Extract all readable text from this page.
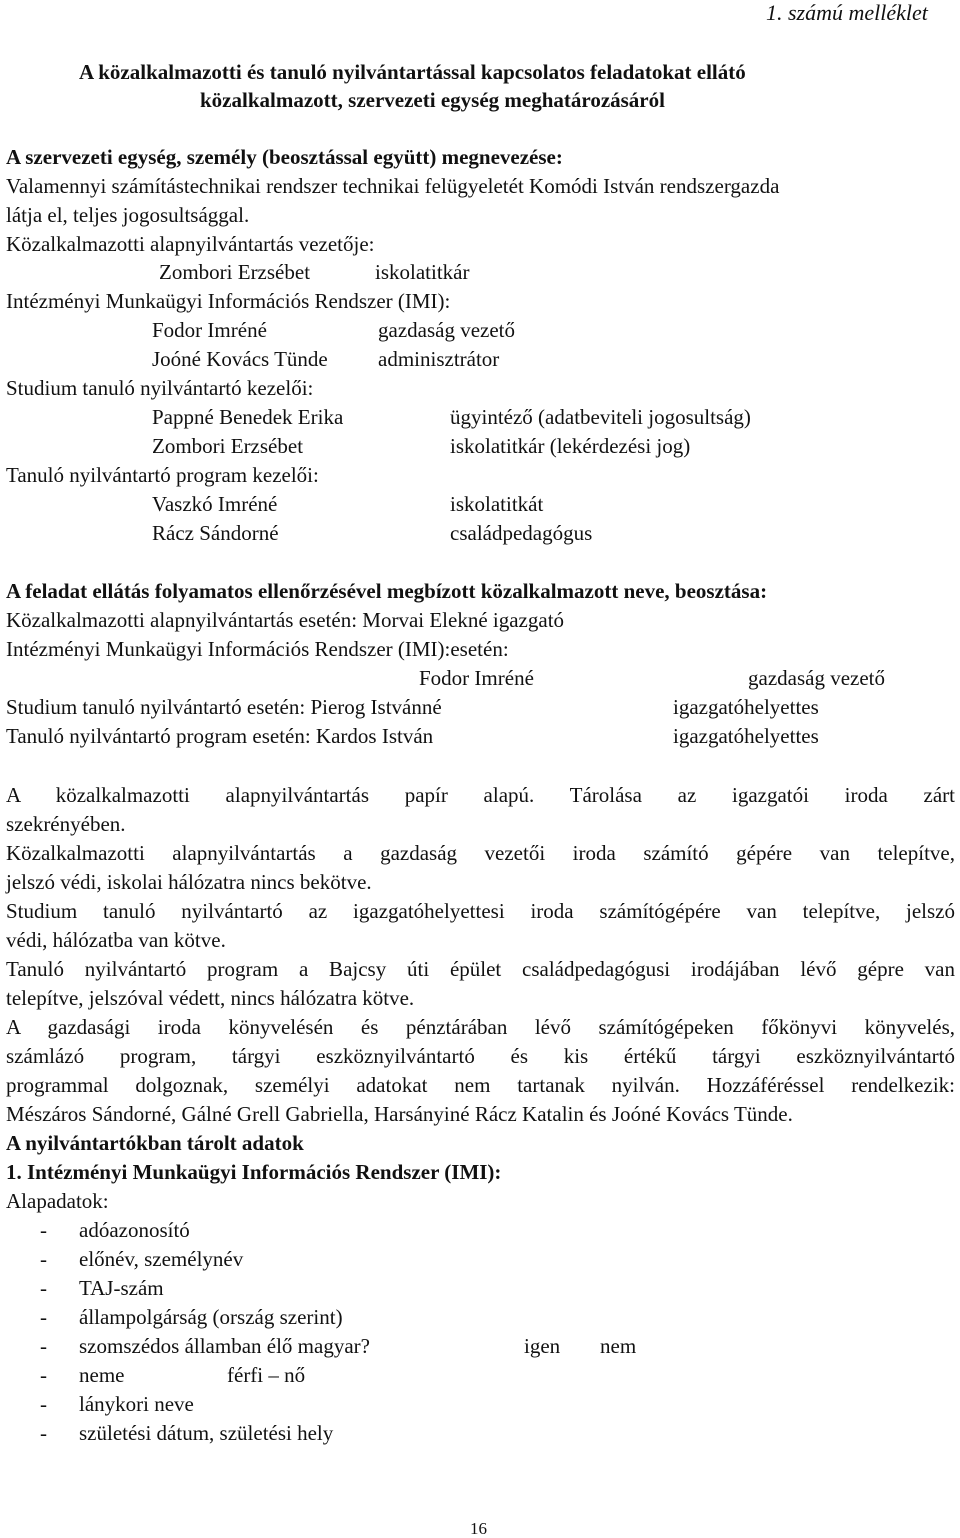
1. számú melléklet
A közalkalmazotti és tanuló nyilvántartással kapcsolatos feladatokat ellátó
közalkalmazott, szervezeti egység meghatározásáról
A szervezeti egység, személy (beosztással együtt) megnevezése:
Valamennyi számítástechnikai rendszer technikai felügyeletét Komódi István rendszergazda
látja el, teljes jogosultsággal.
Közalkalmazotti alapnyilvántartás vezetője:
Zombori Erzsébet	iskolatitkár
Intézményi Munkaügyi Információs Rendszer (IMI):
Fodor Imréné	gazdaság vezető
Joóné Kovács Tünde adminisztrátor
Studium tanuló nyilvántartó kezelői:
Pappné Benedek Erika	ügyintéző (adatbeviteli jogosultság)
Zombori Erzsébet	iskolatitkár (lekérdezési jog)
Tanuló nyilvántartó program kezelői:
Vaszkó Imréné	iskolatitkát
Rácz Sándorné	családpedagógus
A feladat ellátás folyamatos ellenőrzésével megbízott közalkalmazott neve, beosztása:
Közalkalmazotti alapnyilvántartás esetén: Morvai Elekné igazgató
Intézményi Munkaügyi Információs Rendszer (IMI):esetén:
Fodor Imréné	gazdaság vezető
Studium tanuló nyilvántartó esetén: Pierog Istvánné	igazgatóhelyettes
Tanuló nyilvántartó program esetén: Kardos István	igazgatóhelyettes
A közalkalmazotti alapnyilvántartás papír alapú. Tárolása az igazgatói iroda zárt
szekrényében.
Közalkalmazotti alapnyilvántartás a gazdaság vezetői iroda számító gépére van telepítve,
jelszó védi, iskolai hálózatra nincs bekötve.
Studium tanuló nyilvántartó az igazgatóhelyettesi iroda számítógépére van telepítve, jelszó
védi, hálózatba van kötve.
Tanuló nyilvántartó program a Bajcsy úti épület családpedagógusi irodájában lévő gépre van
telepítve, jelszóval védett, nincs hálózatra kötve.
A gazdasági iroda könyvelésén és pénztárában lévő számítógépeken főkönyvi könyvelés,
számlázó program, tárgyi eszköznyilvántartó és kis értékű tárgyi eszköznyilvántartó
programmal dolgoznak, személyi adatokat nem tartanak nyilván. Hozzáféréssel rendelkezik:
Mészáros Sándorné, Gálné Grell Gabriella, Harsányiné Rácz Katalin és Joóné Kovács Tünde.
A nyilvántartókban tárolt adatok
1. Intézményi Munkaügyi Információs Rendszer (IMI):
Alapadatok:
- adóazonosító
- előnév, személynév
- TAJ-szám
- állampolgárság (ország szerint)
- szomszédos államban élő magyar?	igen nem
- neme	férfi – nő
- lánykori neve
- születési dátum, születési hely
16
